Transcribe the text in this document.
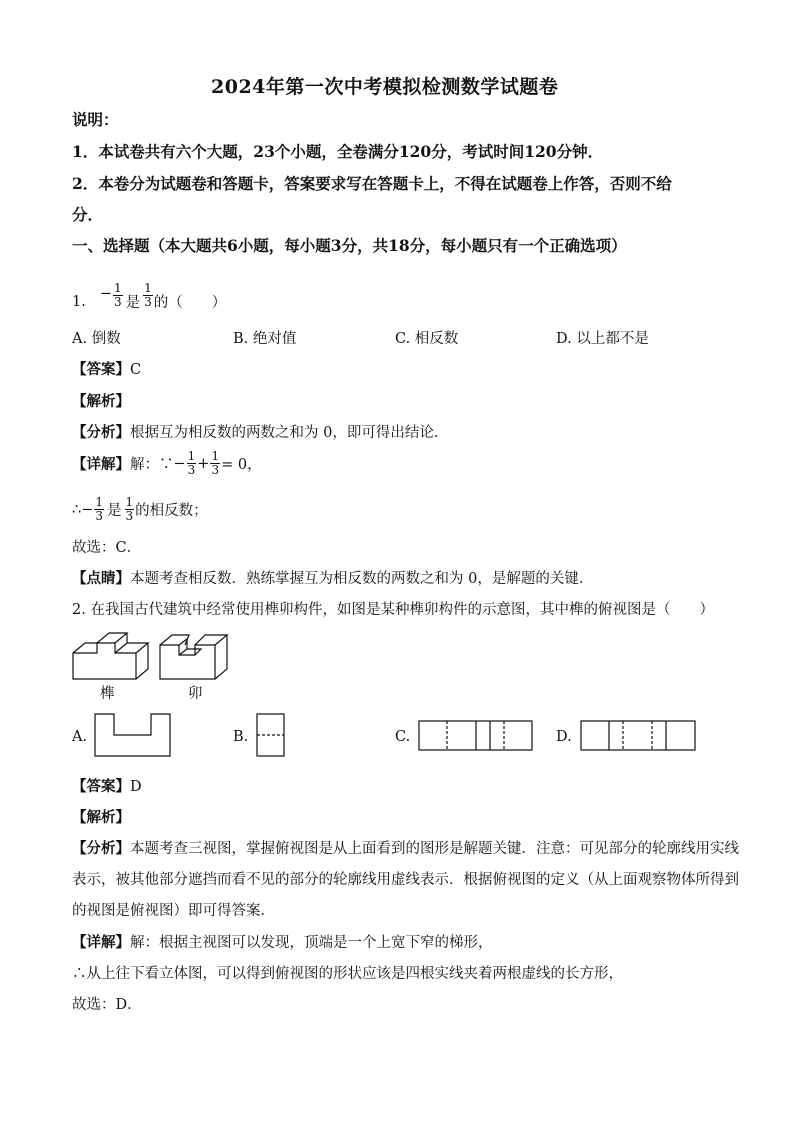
2024年第一次中考模拟检测数学试题卷
说明：
1．本试卷共有六个大题，23个小题，全卷满分120分，考试时间120分钟．
2．本卷分为试题卷和答题卡，答案要求写在答题卡上，不得在试题卷上作答，否则不给
分．
一、选择题（本大题共6小题，每小题3分，共18分，每小题只有一个正确选项）
1. − $\frac{1}{3}$ 是 $\frac{1}{3}$ 的（　　）
A. 倒数	B. 绝对值	C. 相反数	D. 以上都不是
【答案】C
【解析】
【分析】根据互为相反数的两数之和为 0，即可得出结论．
【详解】 解：∵ − $\frac{1}{3} + \frac{1}{3} = 0$，
∴ − $\frac{1}{3}$ 是 $\frac{1}{3}$ 的相反数；
故选：C．
【点睛】本题考查相反数．熟练掌握互为相反数的两数之和为 0，是解题的关键．
2. 在我国古代建筑中经常使用榫卯构件，如图是某种榫卯构件的示意图，其中榫的俯视图是（　　）
榫	卯
A.	B.	C.	D.
【答案】D
【解析】
【分析】本题考查三视图，掌握俯视图是从上面看到的图形是解题关键．注意：可见部分的轮廓线用实线
表示，被其他部分遮挡而看不见的部分的轮廓线用虚线表示．根据俯视图的定义（从上面观察物体所得到
的视图是俯视图）即可得答案．
【详解】解：根据主视图可以发现，顶端是一个上宽下窄的梯形，
∴从上往下看立体图，可以得到俯视图的形状应该是四根实线夹着两根虚线的长方形，
故选：D．
